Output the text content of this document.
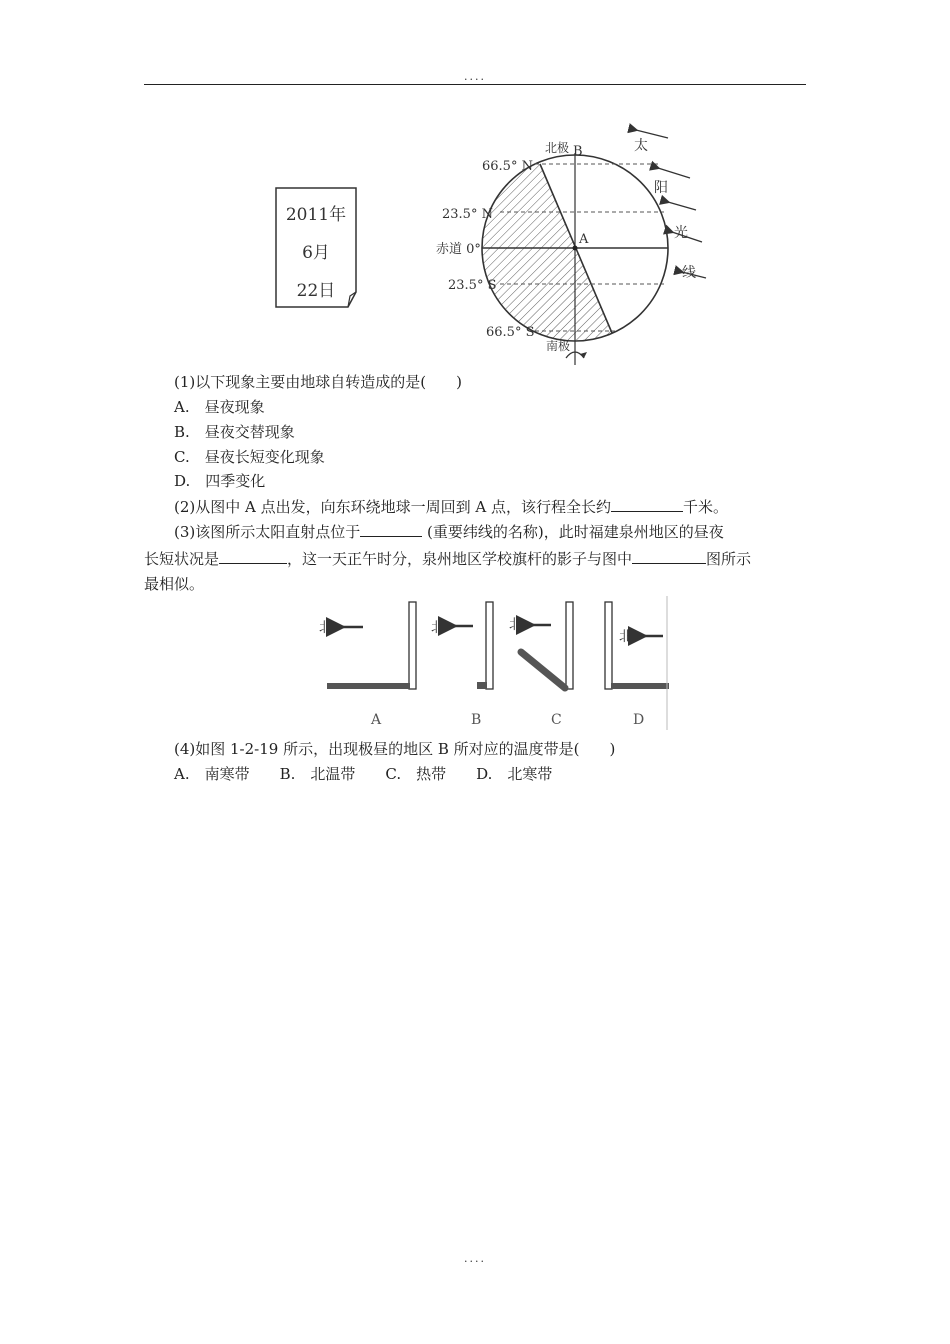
....
2011年
6月
22日
北极 B
A
南极
66.5° N
23.5° N
赤道 0°
23.5° S
66.5° S
太
阳
光
线
(1)以下现象主要由地球自转造成的是(　　)
A.　昼夜现象
B.　昼夜交替现象
C.　昼夜长短变化现象
D.　四季变化
(2)从图中 A 点出发，向东环绕地球一周回到 A 点，该行程全长约	千米。
(3)该图所示太阳直射点位于	(重要纬线的名称)，此时福建泉州地区的昼夜
长短状况是	，这一天正午时分，泉州地区学校旗杆的影子与图中	图所示
最相似。
北
A
北
B
北
C
北
D
(4)如图 1-2-19 所示，出现极昼的地区 B 所对应的温度带是(　　)
A.　南寒带 B.　北温带 C.　热带 D.　北寒带
....
